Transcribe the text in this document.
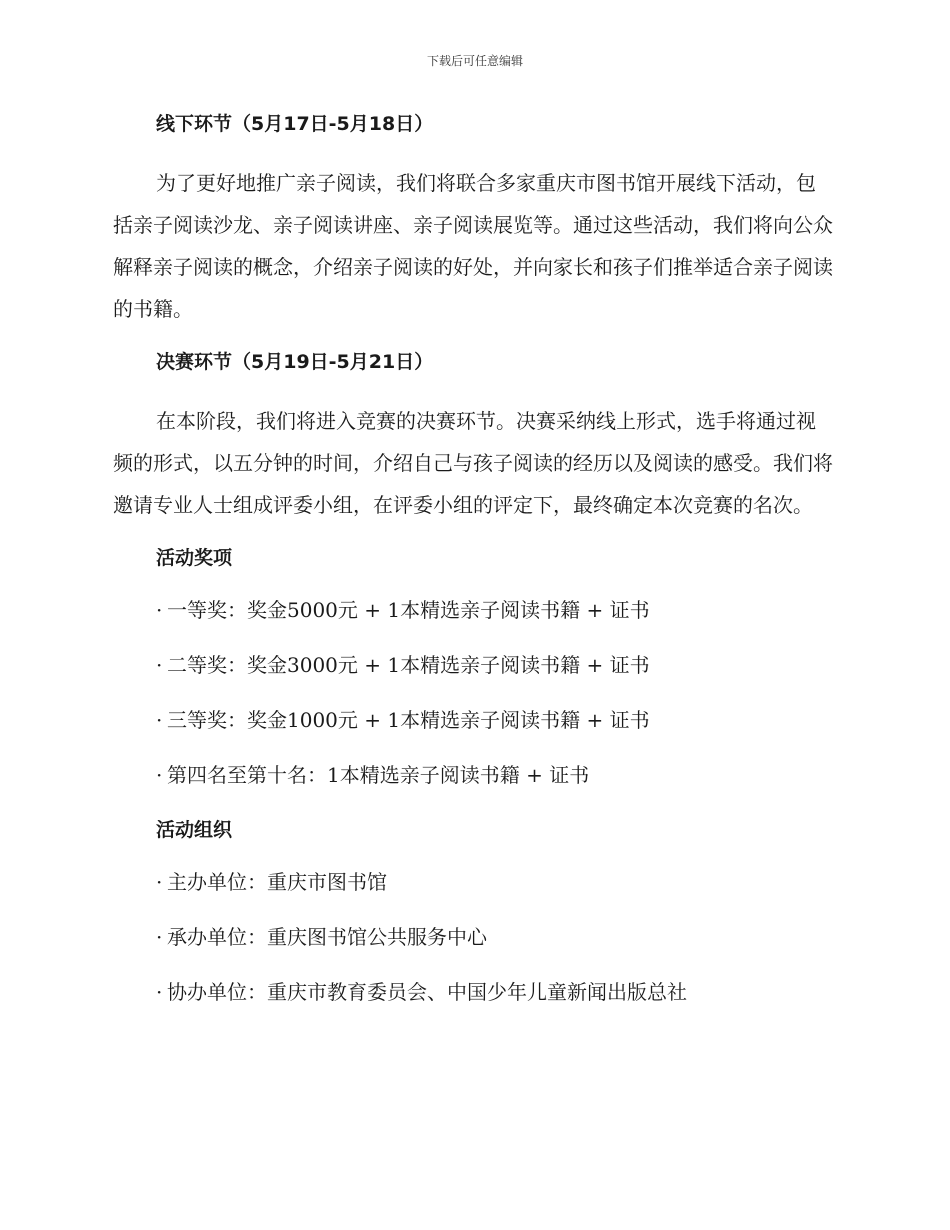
下载后可任意编辑
线下环节（5月17日-5月18日）

为了更好地推广亲子阅读，我们将联合多家重庆市图书馆开展线下活动，包括亲子阅读沙龙、亲子阅读讲座、亲子阅读展览等。通过这些活动，我们将向公众解释亲子阅读的概念，介绍亲子阅读的好处，并向家长和孩子们推举适合亲子阅读的书籍。

决赛环节（5月19日-5月21日）

在本阶段，我们将进入竞赛的决赛环节。决赛采纳线上形式，选手将通过视频的形式，以五分钟的时间，介绍自己与孩子阅读的经历以及阅读的感受。我们将邀请专业人士组成评委小组，在评委小组的评定下，最终确定本次竞赛的名次。

活动奖项
· 一等奖：奖金5000元 + 1本精选亲子阅读书籍 + 证书
· 二等奖：奖金3000元 + 1本精选亲子阅读书籍 + 证书
· 三等奖：奖金1000元 + 1本精选亲子阅读书籍 + 证书
· 第四名至第十名：1本精选亲子阅读书籍 + 证书
活动组织
· 主办单位：重庆市图书馆
· 承办单位：重庆图书馆公共服务中心
· 协办单位：重庆市教育委员会、中国少年儿童新闻出版总社
